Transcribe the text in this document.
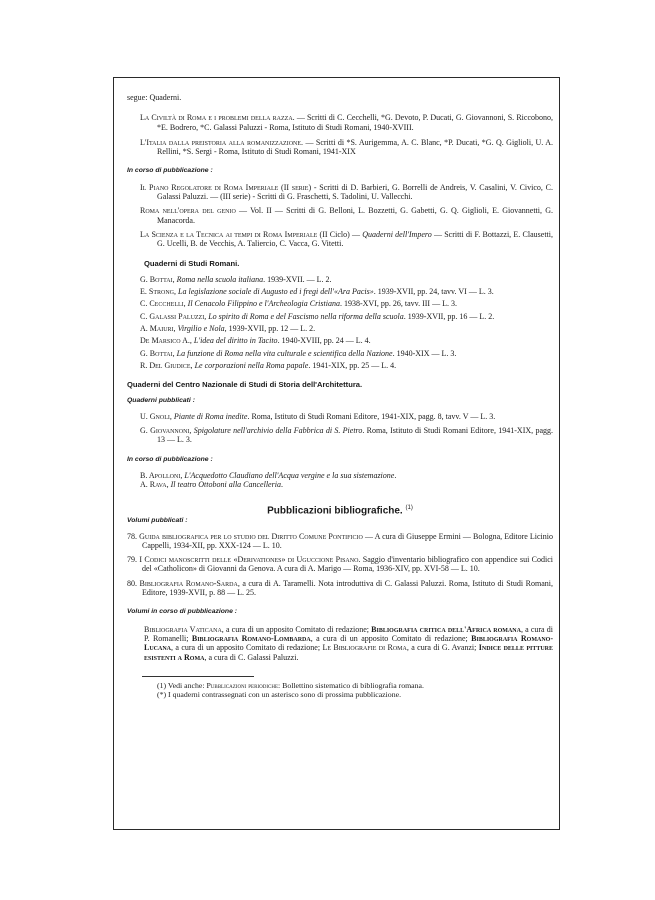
segue: Quaderni.

La Civiltà di Roma e i problemi della razza. — Scritti di C. Cecchelli, *G. Devoto, P. Ducati, G. Giovannoni, S. Riccobono, *E. Bodrero, *C. Galassi Paluzzi - Roma, Istituto di Studi Romani, 1940-XVIII.

L'Italia dalla preistoria alla romanizzazione. — Scritti di *S. Aurigemma, A. C. Blanc, *P. Ducati, *G. Q. Giglioli, U. A. Rellini, *S. Sergi - Roma, Istituto di Studi Romani, 1941-XIX

In corso di pubblicazione :

Il Piano Regolatore di Roma Imperiale (II serie) - Scritti di D. Barbieri, G. Borrelli de Andreis, V. Casalini, V. Civico, C. Galassi Paluzzi. — (III serie) - Scritti di G. Fraschetti, S. Tadolini, U. Vallecchi.

Roma nell'opera del genio — Vol. II — Scritti di G. Belloni, L. Bozzetti, G. Gabetti, G. Q. Giglioli, E. Giovannetti, G. Manacorda.

La Scienza e la Tecnica ai tempi di Roma Imperiale (II Ciclo) — Quaderni dell'Impero — Scritti di F. Bottazzi, E. Clausetti, G. Ucelli, B. de Vecchis, A. Taliercio, C. Vacca, G. Vitetti.

Quaderni di Studi Romani.

G. Bottai, Roma nella scuola italiana. 1939-XVII. — L. 2.

E. Strong, La legislazione sociale di Augusto ed i fregi dell'«Ara Pacis». 1939-XVII, pp. 24, tavv. VI — L. 3.

C. Cecchelli, Il Cenacolo Filippino e l'Archeologia Cristiana. 1938-XVI, pp. 26, tavv. III — L. 3.

C. Galassi Paluzzi, Lo spirito di Roma e del Fascismo nella riforma della scuola. 1939-XVII, pp. 16 — L. 2.

A. Maiuri, Virgilio e Nola, 1939-XVII, pp. 12 — L. 2.

De Marsico A., L'idea del diritto in Tacito. 1940-XVIII, pp. 24 — L. 4.

G. Bottai, La funzione di Roma nella vita culturale e scientifica della Nazione. 1940-XIX — L. 3.

R. Del Giudice, Le corporazioni nella Roma papale. 1941-XIX, pp. 25 — L. 4.

Quaderni del Centro Nazionale di Studi di Storia dell'Architettura.

Quaderni pubblicati :

U. Gnoli, Piante di Roma inedite. Roma, Istituto di Studi Romani Editore, 1941-XIX, pagg. 8, tavv. V — L. 3.

G. Giovannoni, Spigolature nell'archivio della Fabbrica di S. Pietro. Roma, Istituto di Studi Romani Editore, 1941-XIX, pagg. 13 — L. 3.

In corso di pubblicazione :

B. Apolloni, L'Acquedotto Claudiano dell'Acqua vergine e la sua sistemazione.

A. Rava, Il teatro Ottoboni alla Cancelleria.

Pubblicazioni bibliografiche. $^{(1)}$

Volumi pubblicati :

78. Guida bibliografica per lo studio del Diritto Comune Pontificio — A cura di Giuseppe Ermini — Bologna, Editore Licinio Cappelli, 1934-XII, pp. XXX-124 — L. 10.

79. I Codici manoscritti delle «Derivationes» di Uguccione Pisano. Saggio d'inventario bibliografico con appendice sui Codici del «Catholicon» di Giovanni da Genova. A cura di A. Marigo — Roma, 1936-XIV, pp. XVI-58 — L. 10.

80. Bibliografia Romano-Sarda, a cura di A. Taramelli. Nota introduttiva di C. Galassi Paluzzi. Roma, Istituto di Studi Romani, Editore, 1939-XVII, p. 88 — L. 25.

Volumi in corso di pubblicazione :

Bibliografia Vaticana, a cura di un apposito Comitato di redazione; Bibliografia critica dell'Africa romana, a cura di P. Romanelli; Bibliografia Romano-Lombarda, a cura di un apposito Comitato di redazione; Bibliografia Romano-Lucana, a cura di un apposito Comitato di redazione; Le Bibliografie di Roma, a cura di G. Avanzi; Indice delle pitture esistenti a Roma, a cura di C. Galassi Paluzzi.

(1) Vedi anche: Pubblicazioni periodiche: Bollettino sistematico di bibliografia romana.

(*) I quaderni contrassegnati con un asterisco sono di prossima pubblicazione.
